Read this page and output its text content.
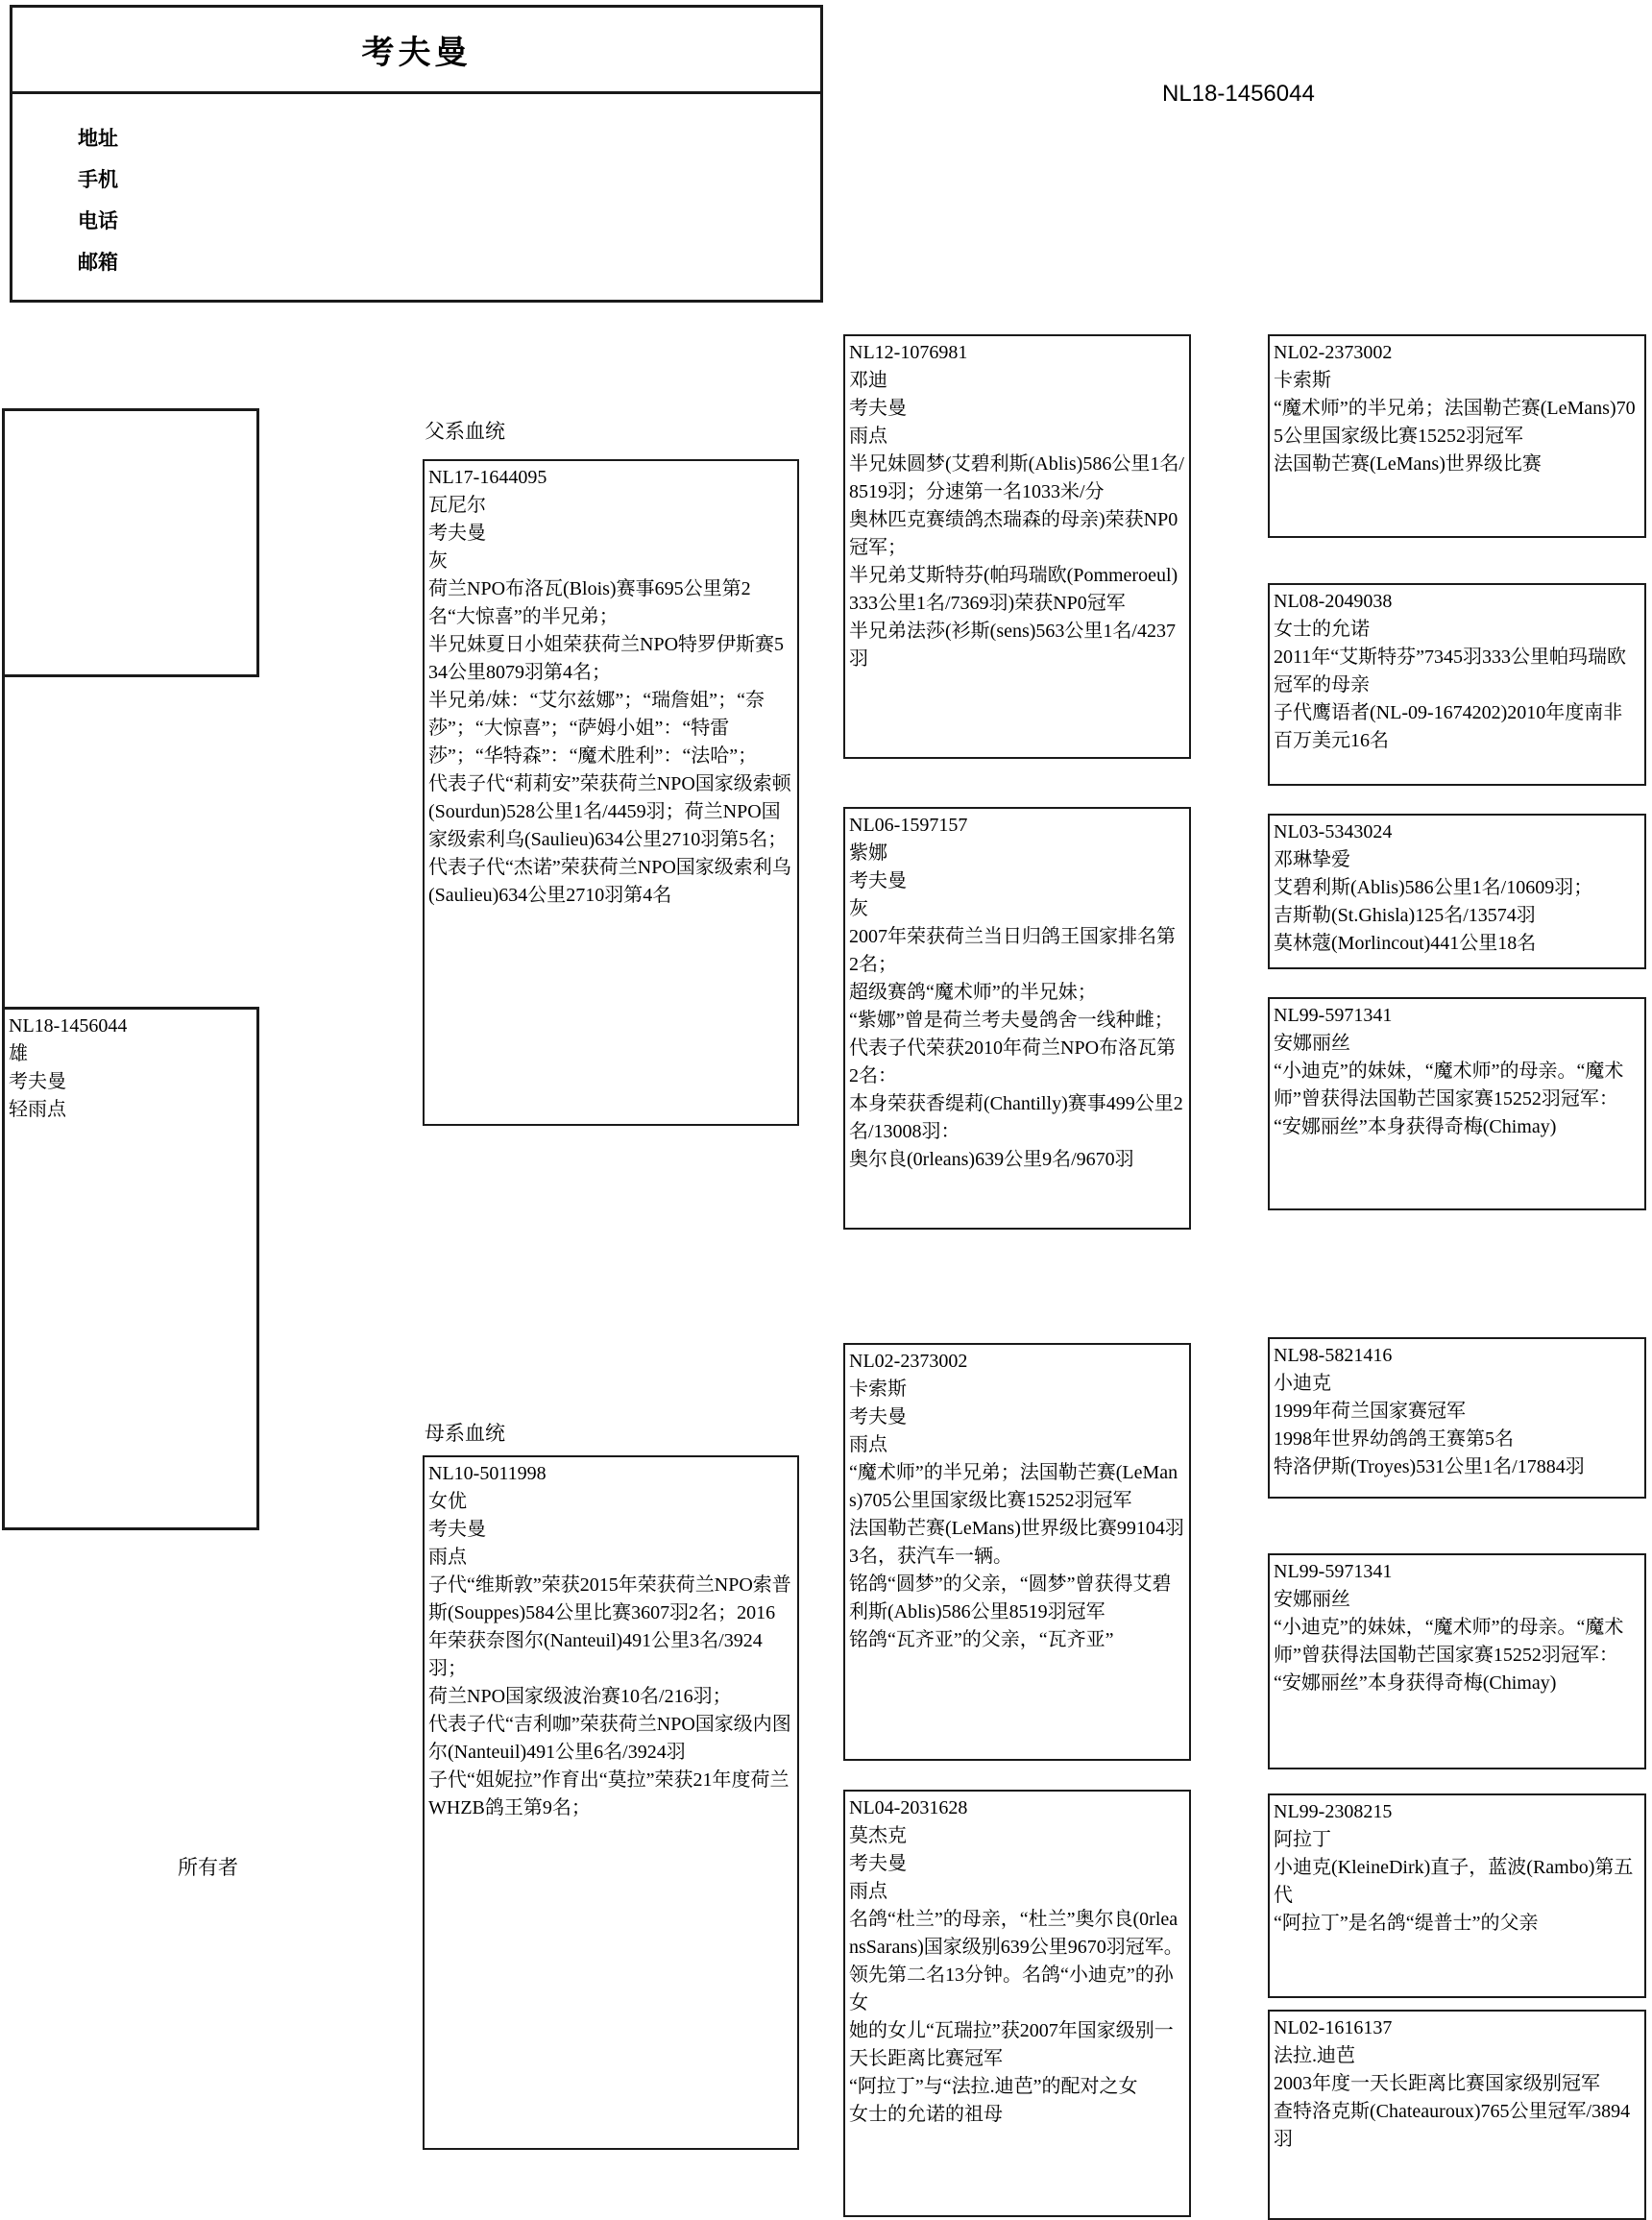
考夫曼
地址
手机
电话
邮箱
NL18-1456044
父系血统
母系血统
所有者
NL18-1456044
雄
考夫曼
轻雨点
NL17-1644095
瓦尼尔
考夫曼
灰
荷兰NPO布洛瓦(Blois)赛事695公里第2名“大惊喜”的半兄弟；
半兄妹夏日小姐荣获荷兰NPO特罗伊斯赛534公里8079羽第4名；
半兄弟/妹：“艾尔兹娜”；“瑞詹姐”；“奈莎”；“大惊喜”；“萨姆小姐”：“特雷莎”；“华特森”：“魔术胜利”：“法哈”；
代表子代“莉莉安”荣获荷兰NPO国家级索顿(Sourdun)528公里1名/4459羽；荷兰NPO国家级索利乌(Saulieu)634公里2710羽第5名；
代表子代“杰诺”荣获荷兰NPO国家级索利乌(Saulieu)634公里2710羽第4名
NL10-5011998
女优
考夫曼
雨点
子代“维斯敦”荣获2015年荣获荷兰NPO索普斯(Souppes)584公里比赛3607羽2名；2016年荣获奈图尔(Nanteuil)491公里3名/3924羽；
荷兰NPO国家级波治赛10名/216羽；
代表子代“吉利咖”荣获荷兰NPO国家级内图尔(Nanteuil)491公里6名/3924羽
子代“姐妮拉”作育出“莫拉”荣获21年度荷兰WHZB鸽王第9名；
NL12-1076981
邓迪
考夫曼
雨点
半兄妹圆梦(艾碧利斯(Ablis)586公里1名/8519羽；分速第一名1033米/分
奥林匹克赛绩鸽杰瑞森的母亲)荣获NP0冠军；
半兄弟艾斯特芬(帕玛瑞欧(Pommeroeul)333公里1名/7369羽)荣获NP0冠军
半兄弟法莎(衫斯(sens)563公里1名/4237羽
NL06-1597157
紫娜
考夫曼
灰
2007年荣获荷兰当日归鸽王国家排名第2名；
超级赛鸽“魔术师”的半兄妹；
“紫娜”曾是荷兰考夫曼鸽舍一线种雌；
代表子代荣获2010年荷兰NPO布洛瓦第2名：
本身荣获香缇莉(Chantilly)赛事499公里2名/13008羽：
奥尔良(0rleans)639公里9名/9670羽
NL02-2373002
卡索斯
考夫曼
雨点
“魔术师”的半兄弟；法国勒芒赛(LeMans)705公里国家级比赛15252羽冠军
法国勒芒赛(LeMans)世界级比赛99104羽3名，获汽车一辆。
铭鸽“圆梦”的父亲，“圆梦”曾获得艾碧利斯(Ablis)586公里8519羽冠军
铭鸽“瓦齐亚”的父亲，“瓦齐亚”
NL04-2031628
莫杰克
考夫曼
雨点
名鸽“杜兰”的母亲，“杜兰”奥尔良(0rleansSarans)国家级别639公里9670羽冠军。领先第二名13分钟。名鸽“小迪克”的孙女
她的女儿“瓦瑞拉”获2007年国家级别一天长距离比赛冠军
“阿拉丁”与“法拉.迪芭”的配对之女
女士的允诺的祖母
NL02-2373002
卡索斯
“魔术师”的半兄弟；法国勒芒赛(LeMans)705公里国家级比赛15252羽冠军
法国勒芒赛(LeMans)世界级比赛
NL08-2049038
女士的允诺
2011年“艾斯特芬”7345羽333公里帕玛瑞欧冠军的母亲
子代鹰语者(NL-09-1674202)2010年度南非百万美元16名
NL03-5343024
邓琳挚爱
艾碧利斯(Ablis)586公里1名/10609羽；
吉斯勒(St.Ghisla)125名/13574羽
莫林蔻(Morlincout)441公里18名
NL99-5971341
安娜丽丝
“小迪克”的妹妹，“魔术师”的母亲。“魔术师”曾获得法国勒芒国家赛15252羽冠军：
“安娜丽丝”本身获得奇梅(Chimay)
NL98-5821416
小迪克
1999年荷兰国家赛冠军
1998年世界幼鸽鸽王赛第5名
特洛伊斯(Troyes)531公里1名/17884羽
NL99-5971341
安娜丽丝
“小迪克”的妹妹，“魔术师”的母亲。“魔术师”曾获得法国勒芒国家赛15252羽冠军：
“安娜丽丝”本身获得奇梅(Chimay)
NL99-2308215
阿拉丁
小迪克(KleineDirk)直子，蓝波(Rambo)第五代
“阿拉丁”是名鸽“缇普士”的父亲
NL02-1616137
法拉.迪芭
2003年度一天长距离比赛国家级别冠军
查特洛克斯(Chateauroux)765公里冠军/3894羽
